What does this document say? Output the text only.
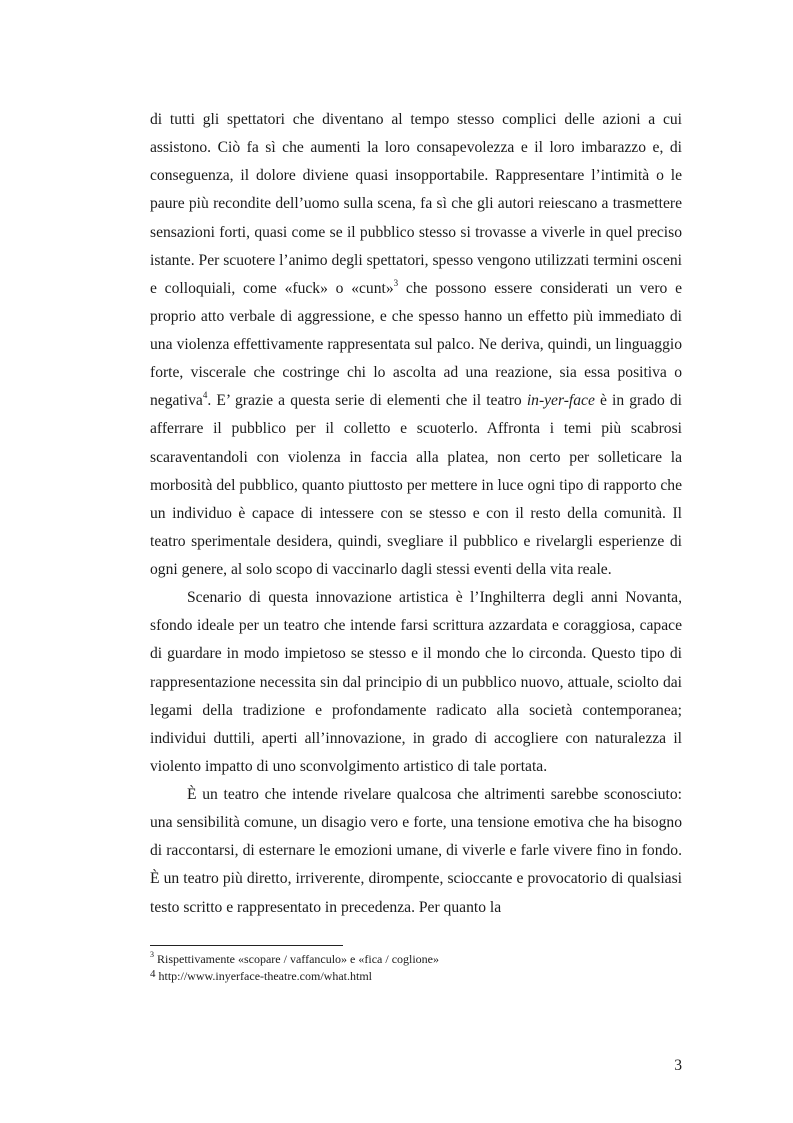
di tutti gli spettatori che diventano al tempo stesso complici delle azioni a cui assistono. Ciò fa sì che aumenti la loro consapevolezza e il loro imbarazzo e, di conseguenza, il dolore diviene quasi insopportabile. Rappresentare l’intimità o le paure più recondite dell’uomo sulla scena, fa sì che gli autori reiescano a trasmettere sensazioni forti, quasi come se il pubblico stesso si trovasse a viverle in quel preciso istante. Per scuotere l’animo degli spettatori, spesso vengono utilizzati termini osceni e colloquiali, come «fuck» o «cunt»$^3$ che possono essere considerati un vero e proprio atto verbale di aggressione, e che spesso hanno un effetto più immediato di una violenza effettivamente rappresentata sul palco. Ne deriva, quindi, un linguaggio forte, viscerale che costringe chi lo ascolta ad una reazione, sia essa positiva o negativa$^4$. E’ grazie a questa serie di elementi che il teatro in-yer-face è in grado di afferrare il pubblico per il colletto e scuoterlo. Affronta i temi più scabrosi scaraventandoli con violenza in faccia alla platea, non certo per solleticare la morbosità del pubblico, quanto piuttosto per mettere in luce ogni tipo di rapporto che un individuo è capace di intessere con se stesso e con il resto della comunità. Il teatro sperimentale desidera, quindi, svegliare il pubblico e rivelargli esperienze di ogni genere, al solo scopo di vaccinarlo dagli stessi eventi della vita reale.

Scenario di questa innovazione artistica è l’Inghilterra degli anni Novanta, sfondo ideale per un teatro che intende farsi scrittura azzardata e coraggiosa, capace di guardare in modo impietoso se stesso e il mondo che lo circonda. Questo tipo di rappresentazione necessita sin dal principio di un pubblico nuovo, attuale, sciolto dai legami della tradizione e profondamente radicato alla società contemporanea; individui duttili, aperti all’innovazione, in grado di accogliere con naturalezza il violento impatto di uno sconvolgimento artistico di tale portata.

È un teatro che intende rivelare qualcosa che altrimenti sarebbe sconosciuto: una sensibilità comune, un disagio vero e forte, una tensione emotiva che ha bisogno di raccontarsi, di esternare le emozioni umane, di viverle e farle vivere fino in fondo. È un teatro più diretto, irriverente, dirompente, scioccante e provocatorio di qualsiasi testo scritto e rappresentato in precedenza. Per quanto la

$^3$ Rispettivamente «scopare / vaffanculo» e «fica / coglione»

4 http://www.inyerface-theatre.com/what.html

3
